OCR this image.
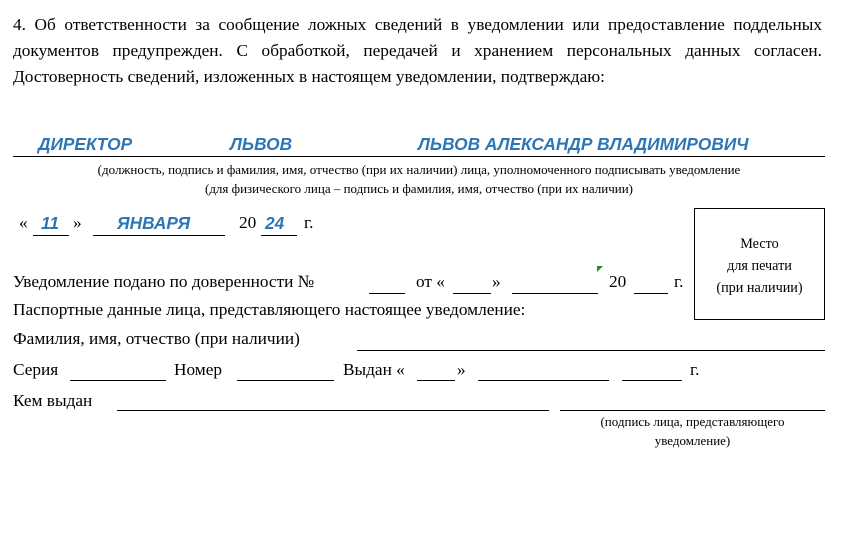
4. Об ответственности за сообщение ложных сведений в уведомлении или предоставление поддельных документов предупрежден. С обработкой, передачей и хранением персональных данных согласен. Достоверность сведений, изложенных в настоящем уведомлении, подтверждаю:
ДИРЕКТОР	ЛЬВОВ	ЛЬВОВ АЛЕКСАНДР ВЛАДИМИРОВИЧ
(должность, подпись и фамилия, имя, отчество (при их наличии) лица, уполномоченного подписывать уведомление
(для физического лица – подпись и фамилия, имя, отчество (при их наличии)
« 11 » ЯНВАРЯ	20 24 г.
Место
для печати
(при наличии)
Уведомление подано по доверенности №	от «	»	20	г.
Паспортные данные лица, представляющего настоящее уведомление:
Фамилия, имя, отчество (при наличии)
Серия	Номер	Выдан «	»	г.
Кем выдан
(подпись лица, представляющего
уведомление)
